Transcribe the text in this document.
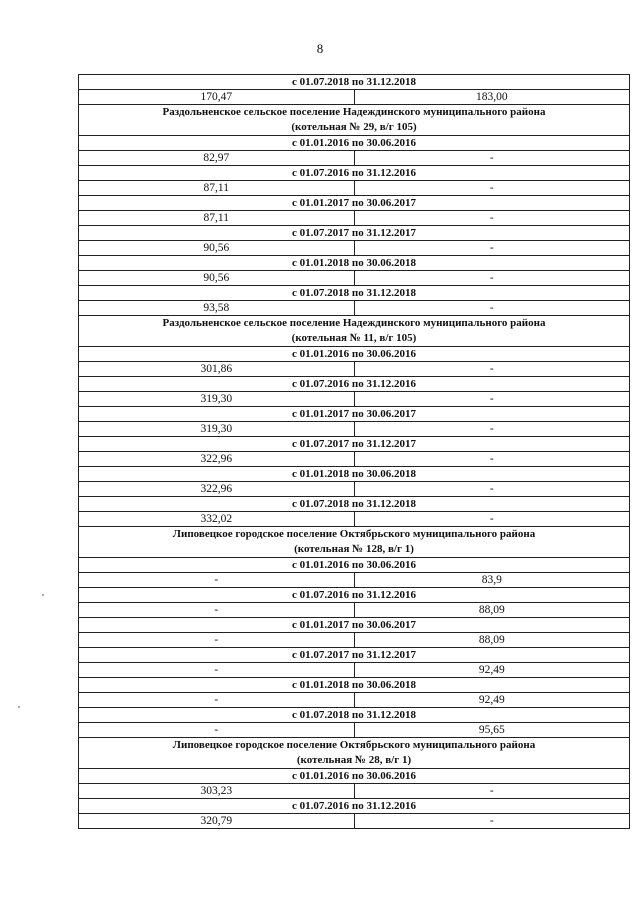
8
с 01.07.2018 по 31.12.2018	
170,47	183,00

Раздольненское сельское поселение Надеждинского муниципального района
(котельная № 29, в/г 105)	

с 01.01.2016 по 30.06.2016	
82,97	-
с 01.07.2016 по 31.12.2016	
87,11	-
с 01.01.2017 по 30.06.2017	
87,11	-
с 01.07.2017 по 31.12.2017	
90,56	-
с 01.01.2018 по 30.06.2018	
90,56	-
с 01.07.2018 по 31.12.2018	
93,58	-

Раздольненское сельское поселение Надеждинского муниципального района
(котельная № 11, в/г 105)	

с 01.01.2016 по 30.06.2016	
301,86	-
с 01.07.2016 по 31.12.2016	
319,30	-
с 01.01.2017 по 30.06.2017	
319,30	-
с 01.07.2017 по 31.12.2017	
322,96	-
с 01.01.2018 по 30.06.2018	
322,96	-
с 01.07.2018 по 31.12.2018	
332,02	-

Липовецкое городское поселение Октябрьского муниципального района
(котельная № 128, в/г 1)	

с 01.01.2016 по 30.06.2016	
-	83,9
с 01.07.2016 по 31.12.2016	
-	88,09
с 01.01.2017 по 30.06.2017	
-	88,09
с 01.07.2017 по 31.12.2017	
-	92,49
с 01.01.2018 по 30.06.2018	
-	92,49
с 01.07.2018 по 31.12.2018	
-	95,65

Липовецкое городское поселение Октябрьского муниципального района
(котельная № 28, в/г 1)	

с 01.01.2016 по 30.06.2016	
303,23	-
с 01.07.2016 по 31.12.2016	
320,79	-
